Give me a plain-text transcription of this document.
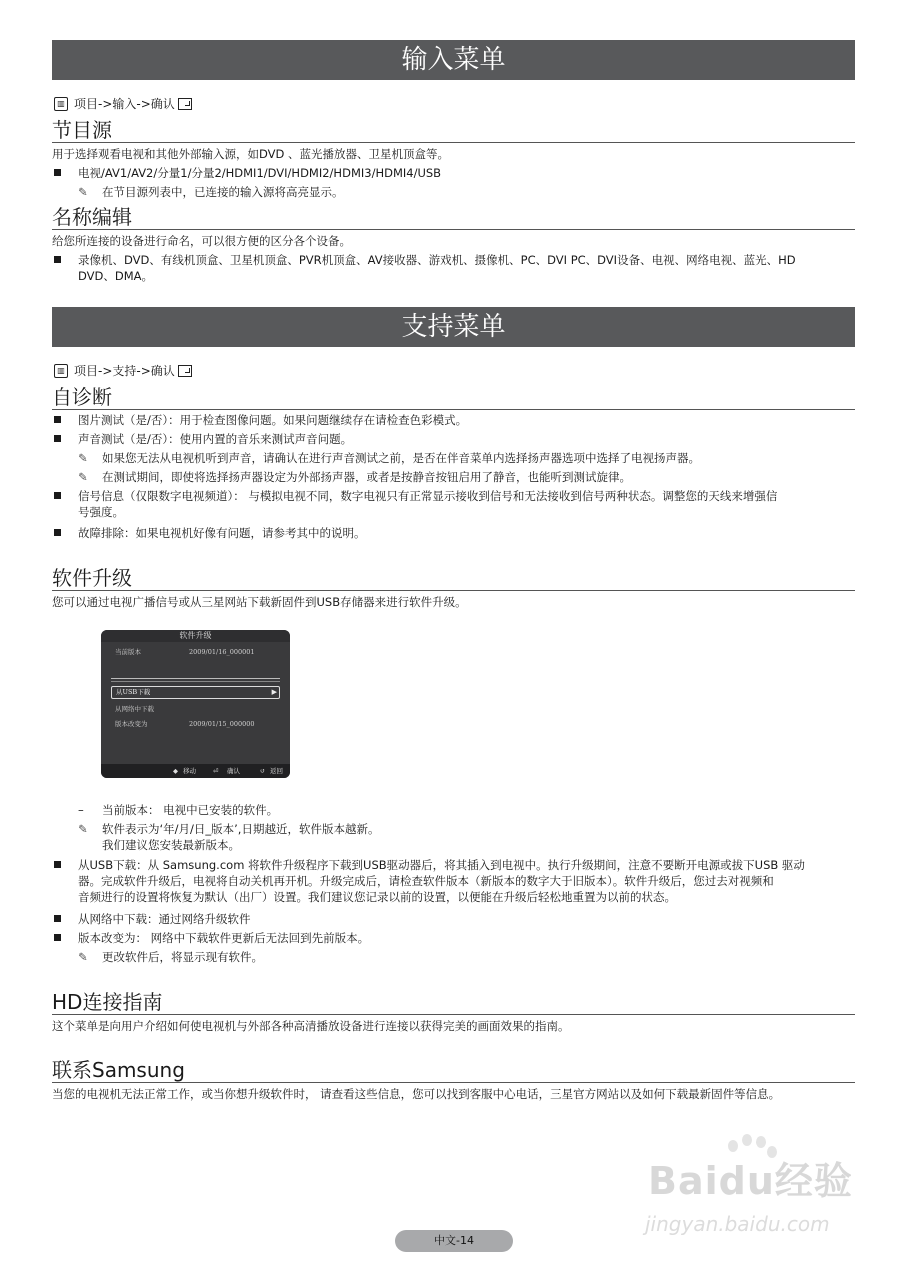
输入菜单
▥ 项目->输入->确认
节目源
用于选择观看电视和其他外部输入源，如DVD 、蓝光播放器、卫星机顶盒等。
电视/AV1/AV2/分量1/分量2/HDMI1/DVI/HDMI2/HDMI3/HDMI4/USB
✎	在节目源列表中，已连接的输入源将高亮显示。
名称编辑
给您所连接的设备进行命名，可以很方便的区分各个设备。
录像机、DVD、有线机顶盒、卫星机顶盒、PVR机顶盒、AV接收器、游戏机、摄像机、PC、DVI PC、DVI设备、电视、网络电视、蓝光、HD
DVD、DMA。
支持菜单
▥ 项目->支持->确认
自诊断
图片测试（是/否）：用于检查图像问题。如果问题继续存在请检查色彩模式。
声音测试（是/否）：使用内置的音乐来测试声音问题。
✎	如果您无法从电视机听到声音，请确认在进行声音测试之前，是否在伴音菜单内选择扬声器选项中选择了电视扬声器。
✎	在测试期间，即使将选择扬声器设定为外部扬声器，或者是按静音按钮启用了静音，也能听到测试旋律。
信号信息（仅限数字电视频道）： 与模拟电视不同，数字电视只有正常显示接收到信号和无法接收到信号两种状态。调整您的天线来增强信
号强度。
故障排除：如果电视机好像有问题，请参考其中的说明。
软件升级
您可以通过电视广播信号或从三星网站下载新固件到USB存储器来进行软件升级。
软件升级
当前版本	2009/01/16_000001
从USB下载	▶
从网络中下载
版本改变为	2009/01/15_000000
◆ 移动	⏎ 确认	↺ 返回
– 当前版本： 电视中已安装的软件。
✎	软件表示为‘年/月/日_版本’,日期越近，软件版本越新。
我们建议您安装最新版本。
从USB下载：从 Samsung.com 将软件升级程序下载到USB驱动器后，将其插入到电视中。执行升级期间，注意不要断开电源或拔下USB 驱动
器。完成软件升级后，电视将自动关机再开机。升级完成后，请检查软件版本（新版本的数字大于旧版本）。软件升级后，您过去对视频和
音频进行的设置将恢复为默认（出厂）设置。我们建议您记录以前的设置，以便能在升级后轻松地重置为以前的状态。
从网络中下载：通过网络升级软件
版本改变为： 网络中下载软件更新后无法回到先前版本。
✎	更改软件后，将显示现有软件。
HD连接指南
这个菜单是向用户介绍如何使电视机与外部各种高清播放设备进行连接以获得完美的画面效果的指南。
联系Samsung
当您的电视机无法正常工作，或当你想升级软件时， 请查看这些信息，您可以找到客服中心电话，三星官方网站以及如何下载最新固件等信息。
Baidu经验
jingyan.baidu.com
中文-14
